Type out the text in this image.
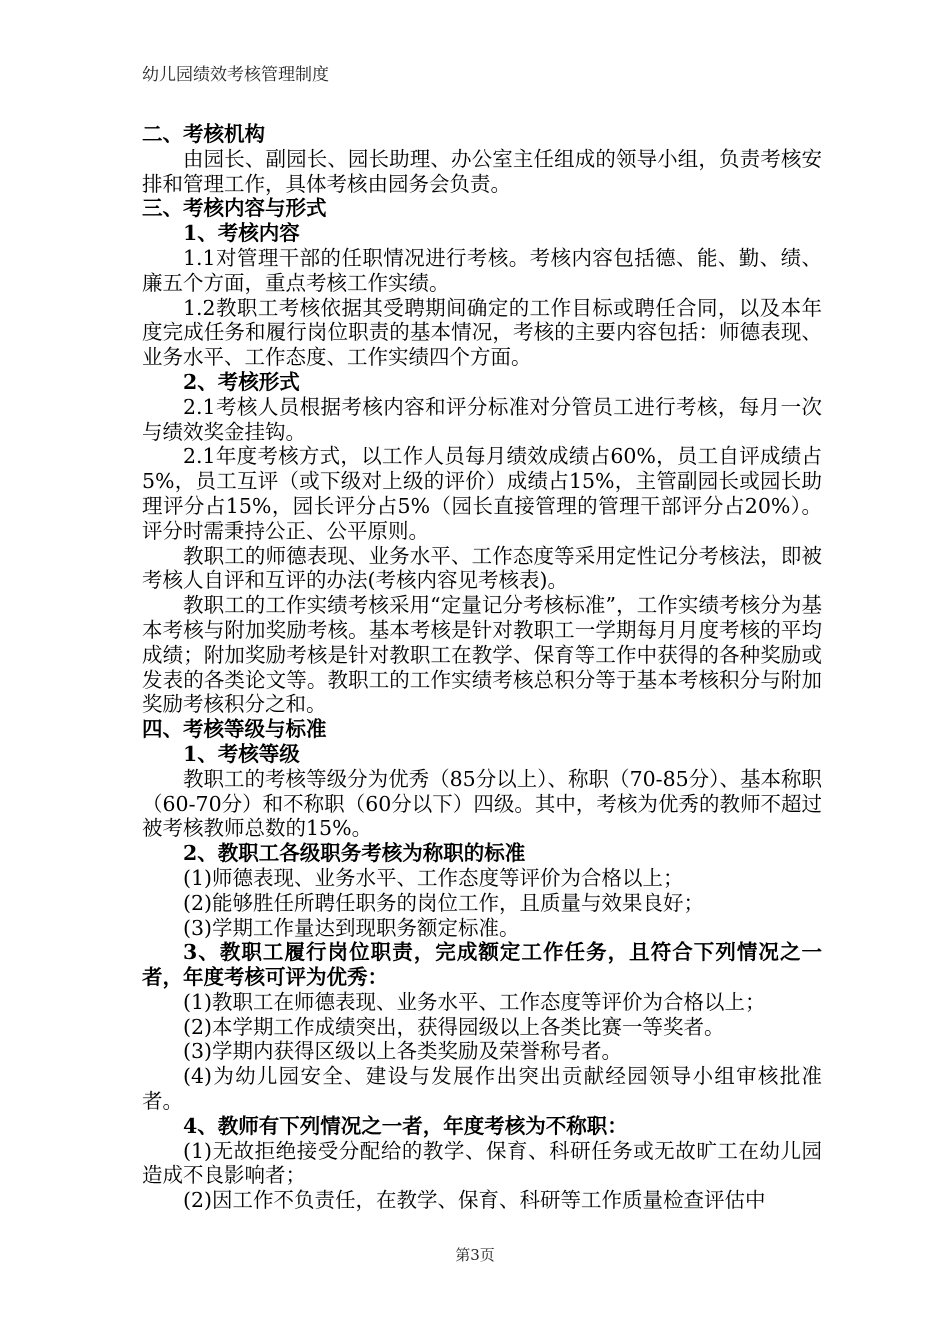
幼儿园绩效考核管理制度

二、考核机构

由园长、副园长、园长助理、办公室主任组成的领导小组，负责考核安排和管理工作，具体考核由园务会负责。

三、考核内容与形式

1、考核内容

1.1对管理干部的任职情况进行考核。考核内容包括德、能、勤、绩、廉五个方面，重点考核工作实绩。

1.2教职工考核依据其受聘期间确定的工作目标或聘任合同，以及本年度完成任务和履行岗位职责的基本情况，考核的主要内容包括：师德表现、业务水平、工作态度、工作实绩四个方面。

2、考核形式

2.1考核人员根据考核内容和评分标准对分管员工进行考核，每月一次与绩效奖金挂钩。

2.1年度考核方式，以工作人员每月绩效成绩占60%，员工自评成绩占5%，员工互评（或下级对上级的评价）成绩占15%，主管副园长或园长助理评分占15%，园长评分占5%（园长直接管理的管理干部评分占20%）。评分时需秉持公正、公平原则。

教职工的师德表现、业务水平、工作态度等采用定性记分考核法，即被考核人自评和互评的办法(考核内容见考核表)。

教职工的工作实绩考核采用“定量记分考核标准”，工作实绩考核分为基本考核与附加奖励考核。基本考核是针对教职工一学期每月月度考核的平均成绩；附加奖励考核是针对教职工在教学、保育等工作中获得的各种奖励或发表的各类论文等。教职工的工作实绩考核总积分等于基本考核积分与附加奖励考核积分之和。

四、考核等级与标准

1、考核等级

教职工的考核等级分为优秀（85分以上）、称职（70-85分）、基本称职（60-70分）和不称职（60分以下）四级。其中，考核为优秀的教师不超过被考核教师总数的15%。

2、教职工各级职务考核为称职的标准

(1)师德表现、业务水平、工作态度等评价为合格以上；

(2)能够胜任所聘任职务的岗位工作，且质量与效果良好；

(3)学期工作量达到现职务额定标准。

3、教职工履行岗位职责，完成额定工作任务，且符合下列情况之一者，年度考核可评为优秀：

(1)教职工在师德表现、业务水平、工作态度等评价为合格以上；

(2)本学期工作成绩突出，获得园级以上各类比赛一等奖者。

(3)学期内获得区级以上各类奖励及荣誉称号者。

(4)为幼儿园安全、建设与发展作出突出贡献经园领导小组审核批准者。

4、教师有下列情况之一者，年度考核为不称职：

(1)无故拒绝接受分配给的教学、保育、科研任务或无故旷工在幼儿园造成不良影响者；

(2)因工作不负责任，在教学、保育、科研等工作质量检查评估中

第3页
